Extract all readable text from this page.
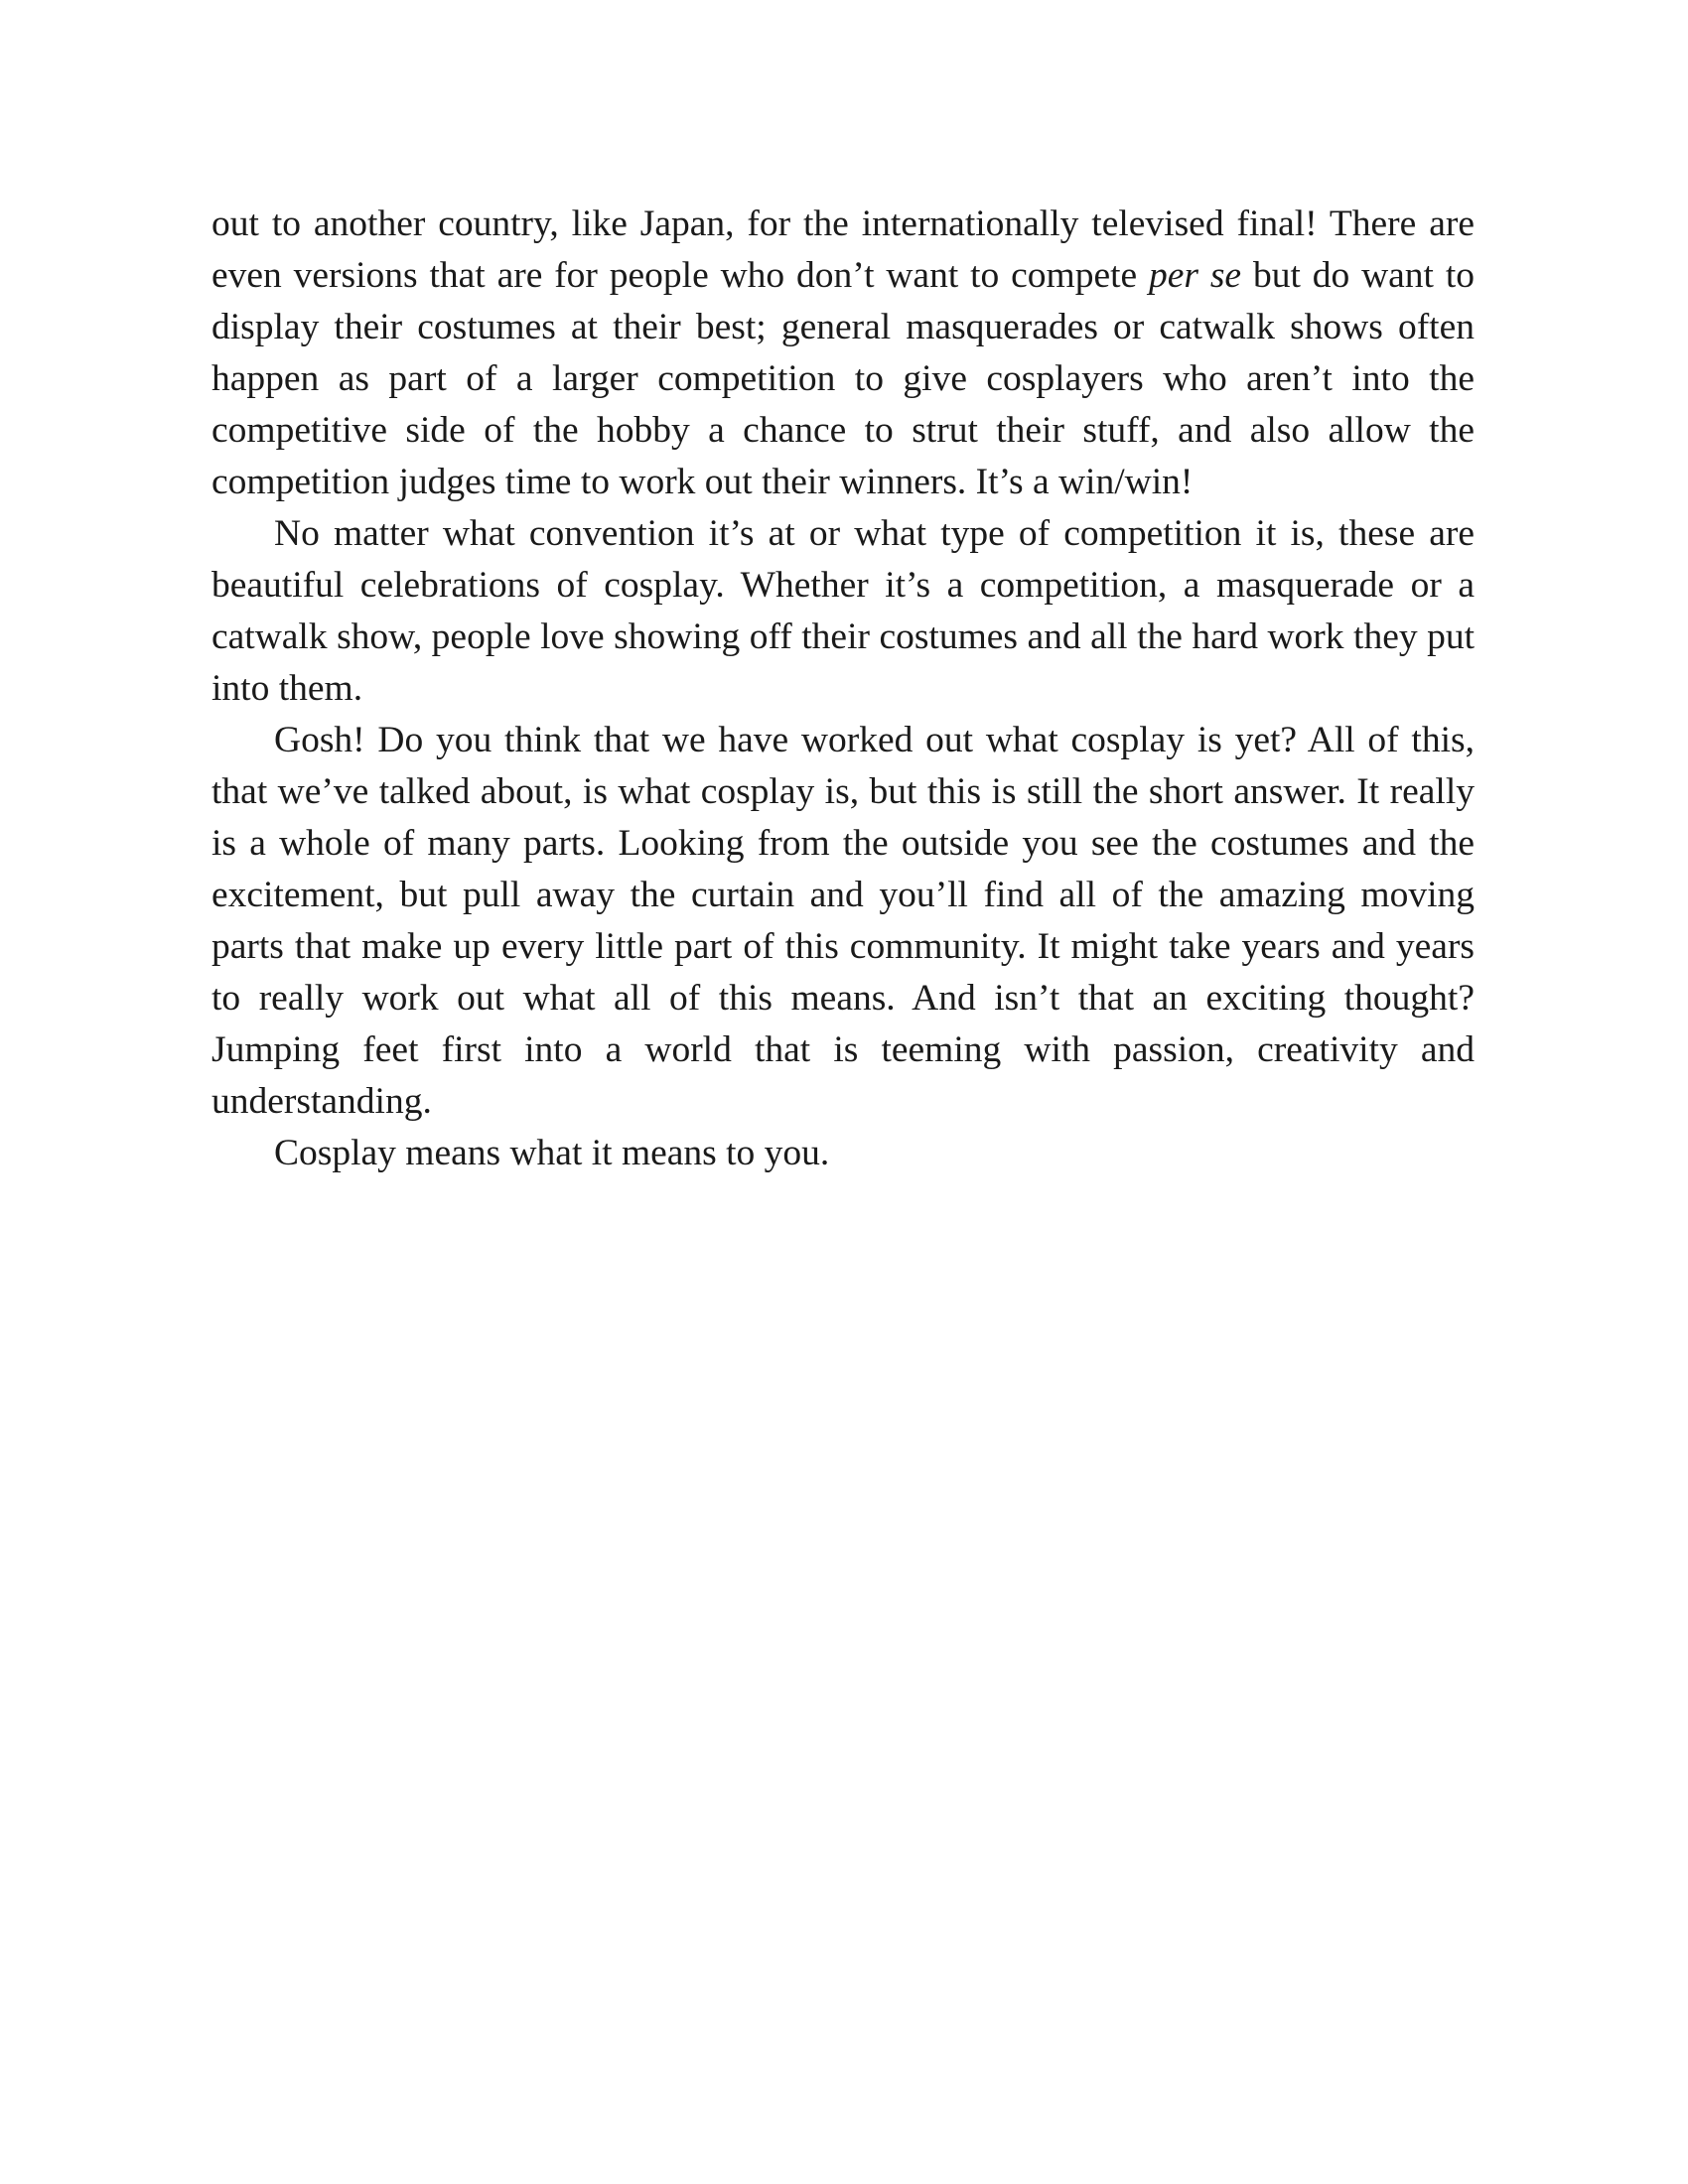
out to another country, like Japan, for the internationally televised final! There are even versions that are for people who don’t want to compete per se but do want to display their costumes at their best; general masquerades or catwalk shows often happen as part of a larger competition to give cosplayers who aren’t into the competitive side of the hobby a chance to strut their stuff, and also allow the competition judges time to work out their winners. It’s a win/win!

No matter what convention it’s at or what type of competition it is, these are beautiful celebrations of cosplay. Whether it’s a competition, a masquerade or a catwalk show, people love showing off their costumes and all the hard work they put into them.

Gosh! Do you think that we have worked out what cosplay is yet? All of this, that we’ve talked about, is what cosplay is, but this is still the short answer. It really is a whole of many parts. Looking from the outside you see the costumes and the excitement, but pull away the curtain and you’ll find all of the amazing moving parts that make up every little part of this community. It might take years and years to really work out what all of this means. And isn’t that an exciting thought? Jumping feet first into a world that is teeming with passion, creativity and understanding.

Cosplay means what it means to you.
